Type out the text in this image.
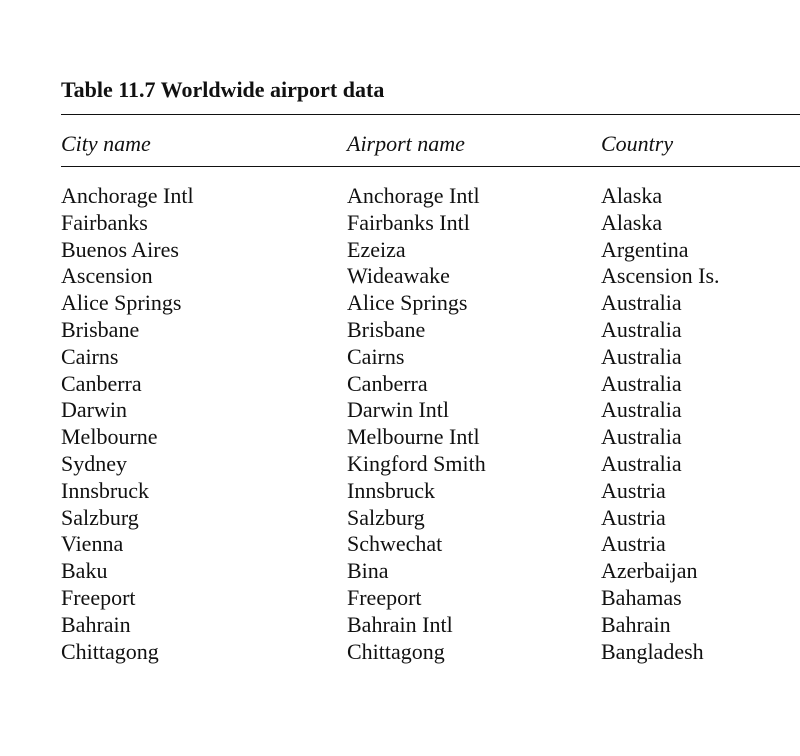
Table 11.7 Worldwide airport data
City name	Airport name	Country
Anchorage Intl	Anchorage Intl	Alaska
Fairbanks	Fairbanks Intl	Alaska
Buenos Aires	Ezeiza	Argentina
Ascension	Wideawake	Ascension Is.
Alice Springs	Alice Springs	Australia
Brisbane	Brisbane	Australia
Cairns	Cairns	Australia
Canberra	Canberra	Australia
Darwin	Darwin Intl	Australia
Melbourne	Melbourne Intl	Australia
Sydney	Kingford Smith	Australia
Innsbruck	Innsbruck	Austria
Salzburg	Salzburg	Austria
Vienna	Schwechat	Austria
Baku	Bina	Azerbaijan
Freeport	Freeport	Bahamas
Bahrain	Bahrain Intl	Bahrain
Chittagong	Chittagong	Bangladesh
